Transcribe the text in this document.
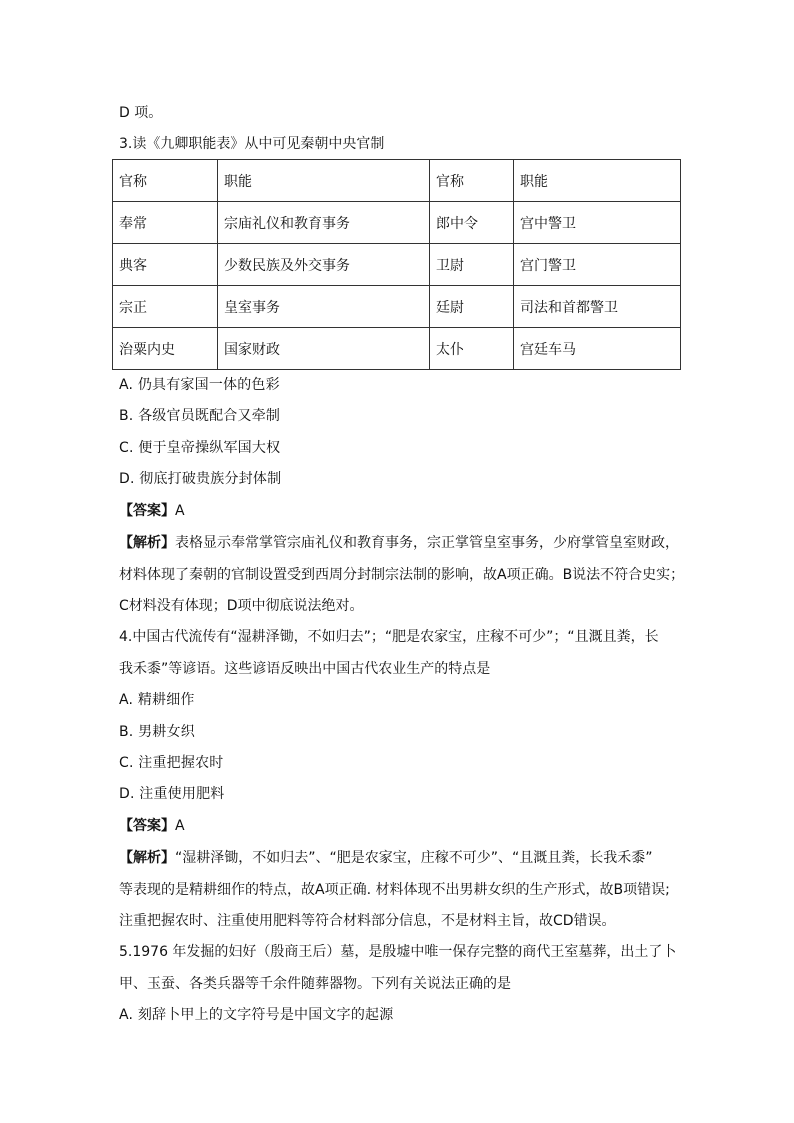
D 项。
3.读《九卿职能表》从中可见秦朝中央官制
官称	职能	官称	职能
奉常	宗庙礼仪和教育事务	郎中令	宫中警卫
典客	少数民族及外交事务	卫尉	宫门警卫
宗正	皇室事务	廷尉	司法和首都警卫
治粟内史	国家财政	太仆	宫廷车马
A. 仍具有家国一体的色彩
B. 各级官员既配合又牵制
C. 便于皇帝操纵军国大权
D. 彻底打破贵族分封体制
【答案】A
【解析】表格显示奉常掌管宗庙礼仪和教育事务，宗正掌管皇室事务，少府掌管皇室财政，
材料体现了秦朝的官制设置受到西周分封制宗法制的影响，故A项正确。B说法不符合史实；
C材料没有体现；D项中彻底说法绝对。
4.中国古代流传有“湿耕泽锄，不如归去”；“肥是农家宝，庄稼不可少”；“且溉且粪，长
我禾黍”等谚语。这些谚语反映出中国古代农业生产的特点是
A. 精耕细作
B. 男耕女织
C. 注重把握农时
D. 注重使用肥料
【答案】A
【解析】“湿耕泽锄，不如归去”、“肥是农家宝，庄稼不可少”、“且溉且粪，长我禾黍”
等表现的是精耕细作的特点，故A项正确. 材料体现不出男耕女织的生产形式，故B项错误;
注重把握农时、注重使用肥料等符合材料部分信息，不是材料主旨，故CD错误。
5.1976 年发掘的妇好（殷商王后）墓，是殷墟中唯一保存完整的商代王室墓葬，出土了卜
甲、玉蚕、各类兵器等千余件随葬器物。下列有关说法正确的是
A. 刻辞卜甲上的文字符号是中国文字的起源
